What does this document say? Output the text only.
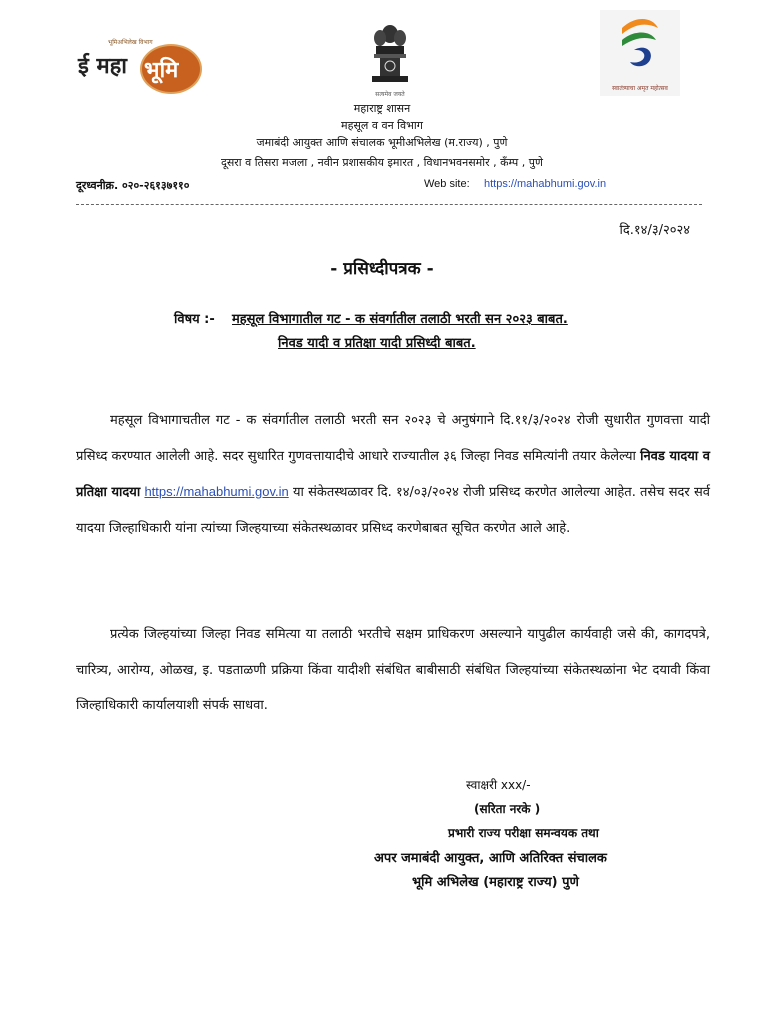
भूमिअभिलेख विभाग
ई महा भूमि
सत्यमेव जयते
स्वातंत्र्याचा अमृत महोत्सव
महाराष्ट्र शासन
महसूल व वन विभाग
जमाबंदी आयुक्त आणि संचालक भूमीअभिलेख (म.राज्य) , पुणे
दूसरा व तिसरा मजला , नवीन प्रशासकीय इमारत , विधानभवनसमोर , कँम्प , पुणे
दूरध्वनीक्र. ०२०-२६१३७११०	Web site: https://mahabhumi.gov.in
दि.१४/३/२०२४
- प्रसिध्दीपत्रक -
विषय :- महसूल विभागातील गट - क संवर्गातील तलाठी भरती सन २०२३ बाबत.
निवड यादी व प्रतिक्षा यादी प्रसिध्दी बाबत.
महसूल विभागाचतील गट - क संवर्गातील तलाठी भरती सन २०२३ चे अनुषंगाने दि.११/३/२०२४ रोजी सुधारीत गुणवत्ता यादी प्रसिध्द करण्यात आलेली आहे. सदर सुधारित गुणवत्तायादीचे आधारे राज्यातील ३६ जिल्हा निवड समित्यांनी तयार केलेल्या निवड यादया व प्रतिक्षा यादया https://mahabhumi.gov.in या संकेतस्थळावर दि. १४/०३/२०२४ रोजी प्रसिध्द करणेत आलेल्या आहेत. तसेच सदर सर्व यादया जिल्हाधिकारी यांना त्यांच्या जिल्हयाच्या संकेतस्थळावर प्रसिध्द करणेबाबत सूचित करणेत आले आहे.
प्रत्येक जिल्हयांच्या जिल्हा निवड समित्या या तलाठी भरतीचे सक्षम प्राधिकरण असल्याने यापुढील कार्यवाही जसे की, कागदपत्रे, चारित्र्य, आरोग्य, ओळख, इ. पडताळणी प्रक्रिया किंवा यादीशी संबंधित बाबीसाठी संबंधित जिल्हयांच्या संकेतस्थळांना भेट दयावी किंवा जिल्हाधिकारी कार्यालयाशी संपर्क साधवा.
स्वाक्षरी xxx/-
(सरिता नरके )
प्रभारी राज्य परीक्षा समन्वयक तथा
अपर जमाबंदी आयुक्त, आणि अतिरिक्त संचालक
भूमि अभिलेख (महाराष्ट्र राज्य) पुणे
